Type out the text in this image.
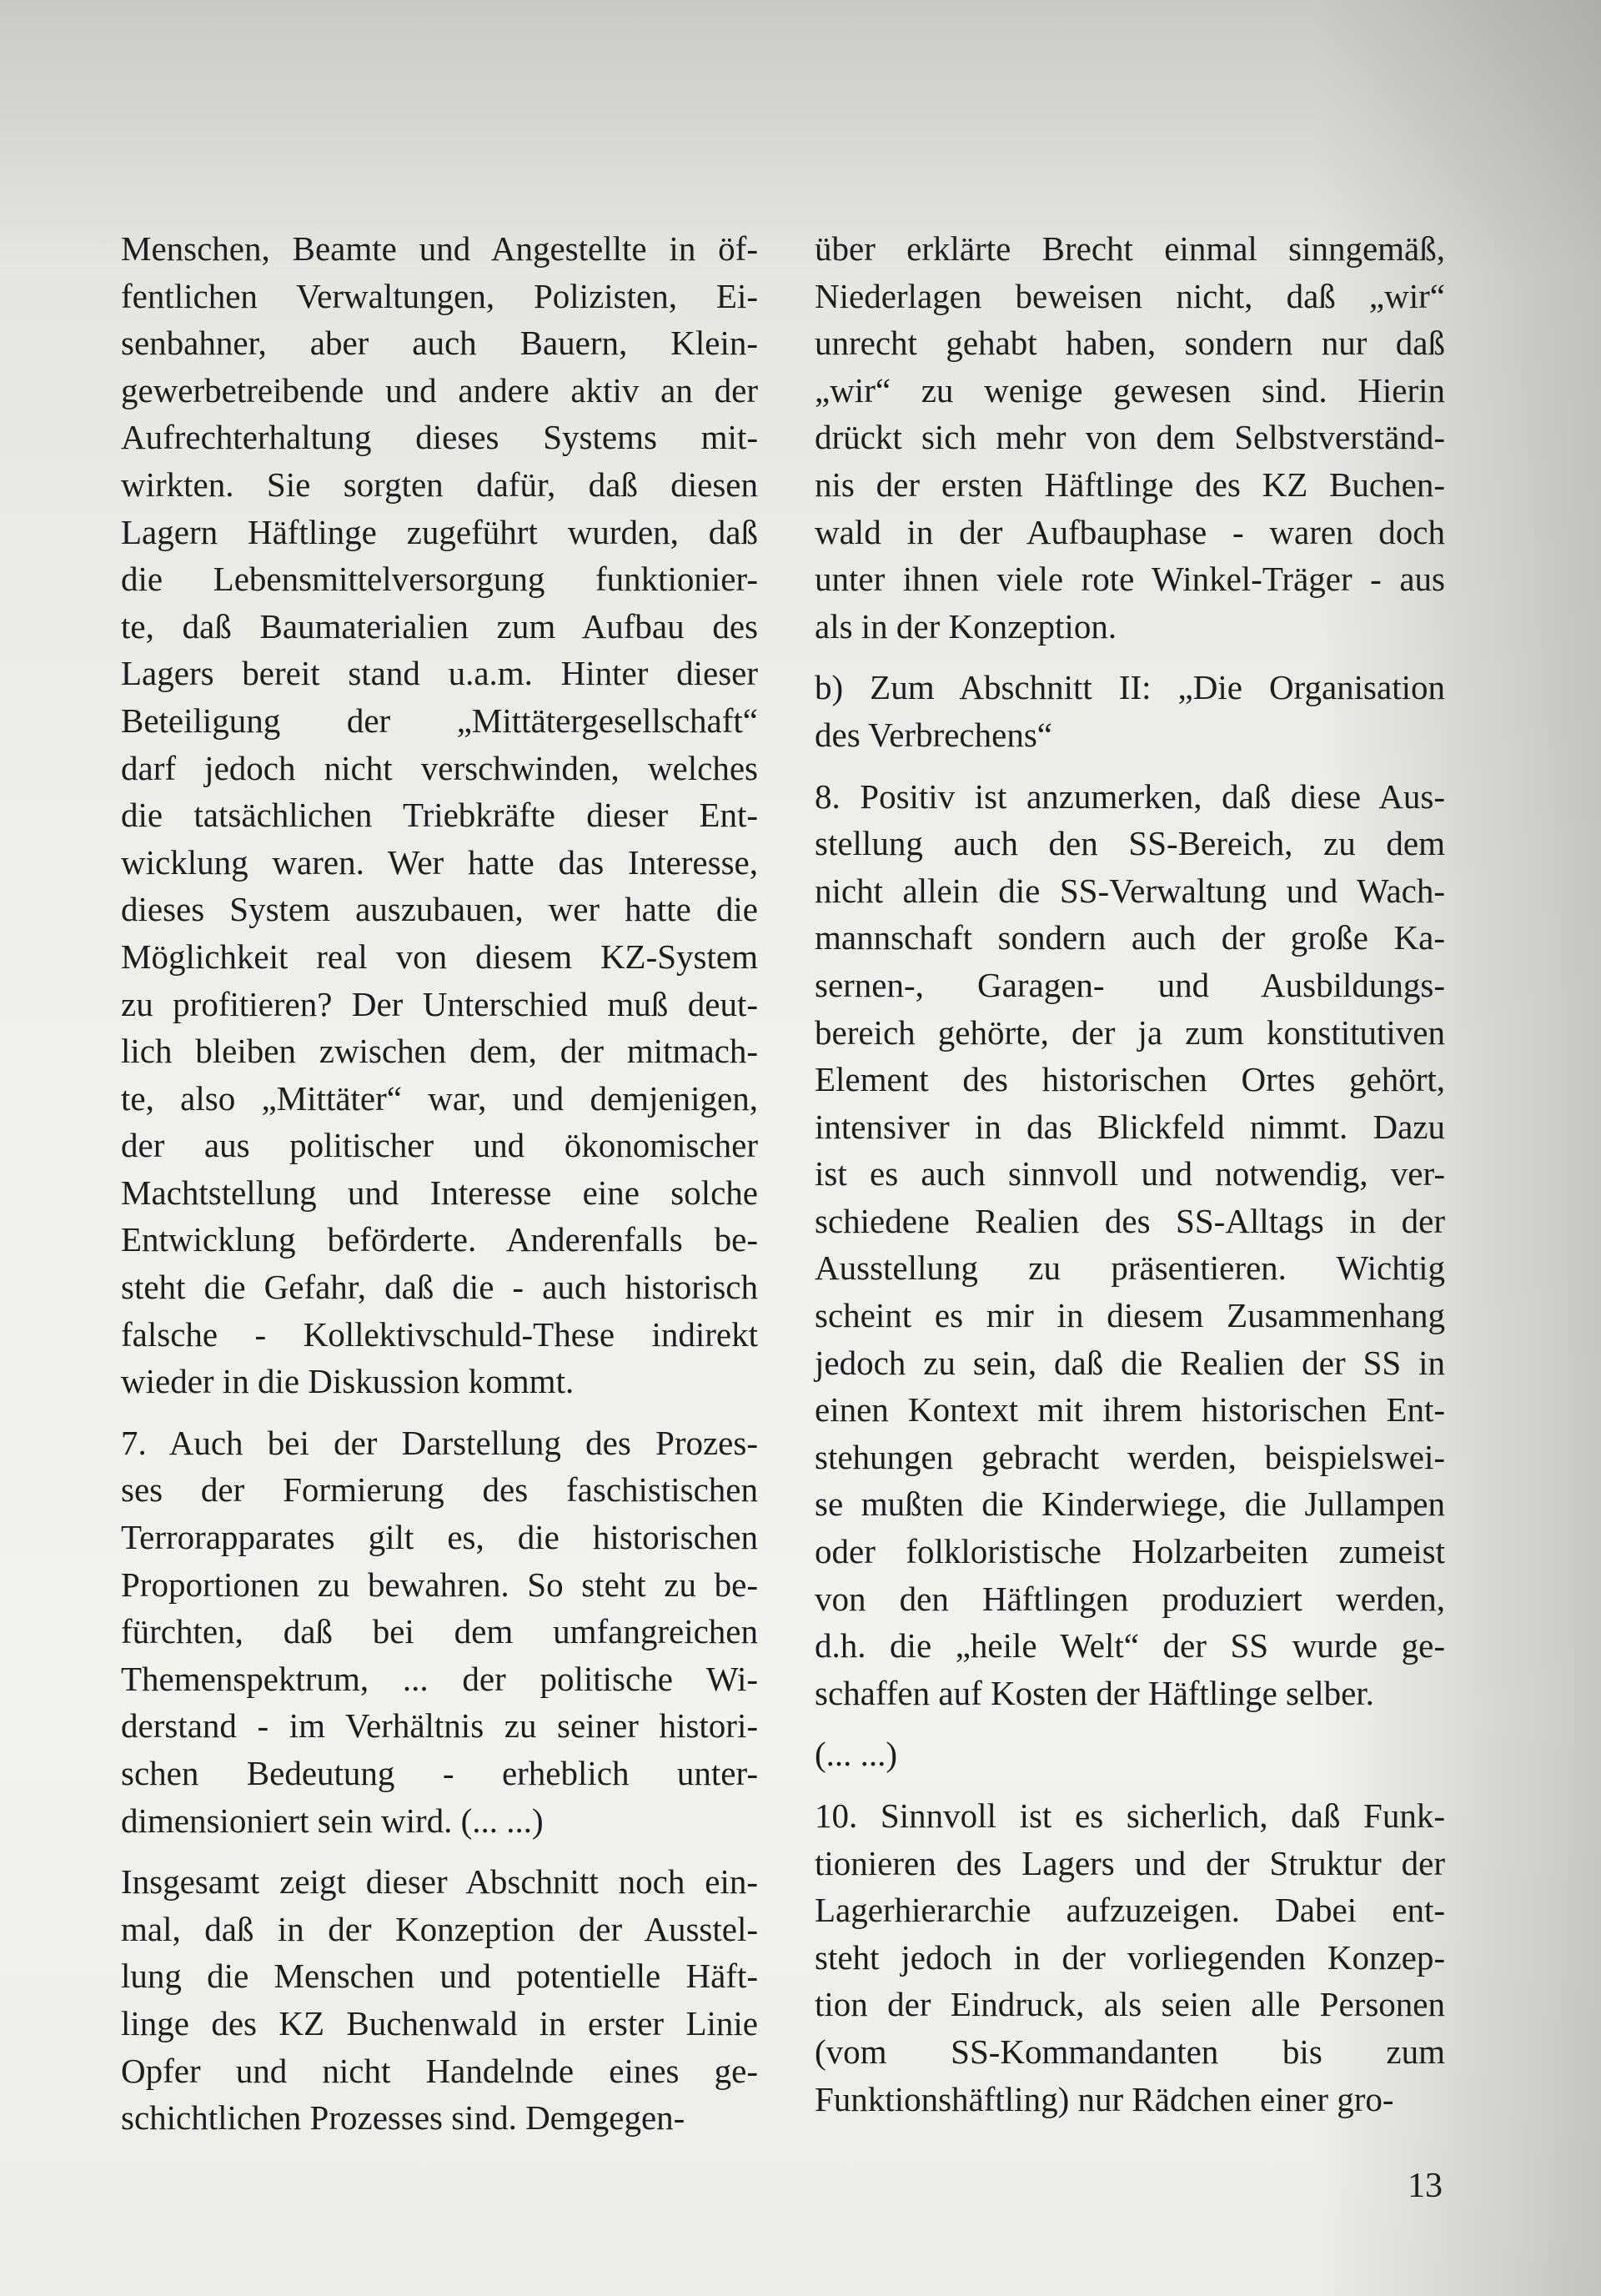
Menschen, Beamte und Angestellte in öf-
fentlichen Verwaltungen, Polizisten, Ei-
senbahner, aber auch Bauern, Klein-
gewerbetreibende und andere aktiv an der
Aufrechterhaltung dieses Systems mit-
wirkten. Sie sorgten dafür, daß diesen
Lagern Häftlinge zugeführt wurden, daß
die Lebensmittelversorgung funktionier-
te, daß Baumaterialien zum Aufbau des
Lagers bereit stand u.a.m. Hinter dieser
Beteiligung der „Mittätergesellschaft“
darf jedoch nicht verschwinden, welches
die tatsächlichen Triebkräfte dieser Ent-
wicklung waren. Wer hatte das Interesse,
dieses System auszubauen, wer hatte die
Möglichkeit real von diesem KZ-System
zu profitieren? Der Unterschied muß deut-
lich bleiben zwischen dem, der mitmach-
te, also „Mittäter“ war, und demjenigen,
der aus politischer und ökonomischer
Machtstellung und Interesse eine solche
Entwicklung beförderte. Anderenfalls be-
steht die Gefahr, daß die - auch historisch
falsche - Kollektivschuld-These indirekt
wieder in die Diskussion kommt.
7. Auch bei der Darstellung des Prozes-
ses der Formierung des faschistischen
Terrorapparates gilt es, die historischen
Proportionen zu bewahren. So steht zu be-
fürchten, daß bei dem umfangreichen
Themenspektrum, ... der politische Wi-
derstand - im Verhältnis zu seiner histori-
schen Bedeutung - erheblich unter-
dimensioniert sein wird. (... ...)
Insgesamt zeigt dieser Abschnitt noch ein-
mal, daß in der Konzeption der Ausstel-
lung die Menschen und potentielle Häft-
linge des KZ Buchenwald in erster Linie
Opfer und nicht Handelnde eines ge-
schichtlichen Prozesses sind. Demgegen-
über erklärte Brecht einmal sinngemäß,
Niederlagen beweisen nicht, daß „wir“
unrecht gehabt haben, sondern nur daß
„wir“ zu wenige gewesen sind. Hierin
drückt sich mehr von dem Selbstverständ-
nis der ersten Häftlinge des KZ Buchen-
wald in der Aufbauphase - waren doch
unter ihnen viele rote Winkel-Träger - aus
als in der Konzeption.
b) Zum Abschnitt II: „Die Organisation
des Verbrechens“
8. Positiv ist anzumerken, daß diese Aus-
stellung auch den SS-Bereich, zu dem
nicht allein die SS-Verwaltung und Wach-
mannschaft sondern auch der große Ka-
sernen-, Garagen- und Ausbildungs-
bereich gehörte, der ja zum konstitutiven
Element des historischen Ortes gehört,
intensiver in das Blickfeld nimmt. Dazu
ist es auch sinnvoll und notwendig, ver-
schiedene Realien des SS-Alltags in der
Ausstellung zu präsentieren. Wichtig
scheint es mir in diesem Zusammenhang
jedoch zu sein, daß die Realien der SS in
einen Kontext mit ihrem historischen Ent-
stehungen gebracht werden, beispielswei-
se mußten die Kinderwiege, die Jullampen
oder folkloristische Holzarbeiten zumeist
von den Häftlingen produziert werden,
d.h. die „heile Welt“ der SS wurde ge-
schaffen auf Kosten der Häftlinge selber.
(... ...)
10. Sinnvoll ist es sicherlich, daß Funk-
tionieren des Lagers und der Struktur der
Lagerhierarchie aufzuzeigen. Dabei ent-
steht jedoch in der vorliegenden Konzep-
tion der Eindruck, als seien alle Personen
(vom SS-Kommandanten bis zum
Funktionshäftling) nur Rädchen einer gro-
13
